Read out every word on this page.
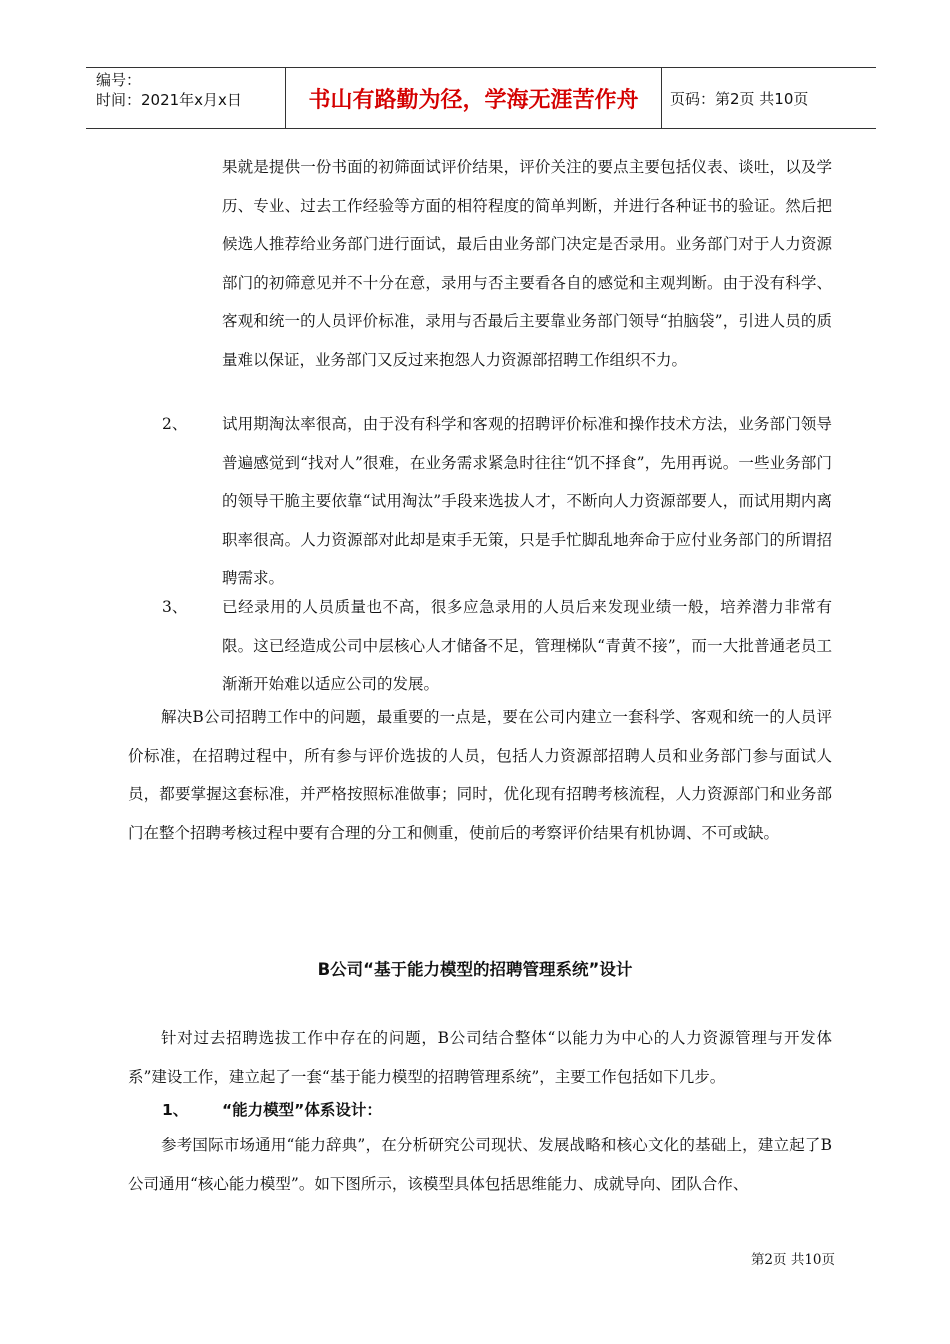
编号：
时间：2021年x月x日	书山有路勤为径，学海无涯苦作舟	页码：第2页 共10页

果就是提供一份书面的初筛面试评价结果，评价关注的要点主要包括仪表、谈吐，以及学历、专业、过去工作经验等方面的相符程度的简单判断，并进行各种证书的验证。然后把候选人推荐给业务部门进行面试，最后由业务部门决定是否录用。业务部门对于人力资源部门的初筛意见并不十分在意，录用与否主要看各自的感觉和主观判断。由于没有科学、客观和统一的人员评价标准，录用与否最后主要靠业务部门领导“拍脑袋”，引进人员的质量难以保证，业务部门又反过来抱怨人力资源部招聘工作组织不力。

2、 试用期淘汰率很高，由于没有科学和客观的招聘评价标准和操作技术方法，业务部门领导普遍感觉到“找对人”很难，在业务需求紧急时往往“饥不择食”，先用再说。一些业务部门的领导干脆主要依靠“试用淘汰”手段来选拔人才，不断向人力资源部要人，而试用期内离职率很高。人力资源部对此却是束手无策，只是手忙脚乱地奔命于应付业务部门的所谓招聘需求。

3、 已经录用的人员质量也不高，很多应急录用的人员后来发现业绩一般，培养潜力非常有限。这已经造成公司中层核心人才储备不足，管理梯队“青黄不接”，而一大批普通老员工渐渐开始难以适应公司的发展。

解决B公司招聘工作中的问题，最重要的一点是，要在公司内建立一套科学、客观和统一的人员评价标准，在招聘过程中，所有参与评价选拔的人员，包括人力资源部招聘人员和业务部门参与面试人员，都要掌握这套标准，并严格按照标准做事；同时，优化现有招聘考核流程，人力资源部门和业务部门在整个招聘考核过程中要有合理的分工和侧重，使前后的考察评价结果有机协调、不可或缺。

B公司“基于能力模型的招聘管理系统”设计

针对过去招聘选拔工作中存在的问题，B公司结合整体“以能力为中心的人力资源管理与开发体系”建设工作，建立起了一套“基于能力模型的招聘管理系统”，主要工作包括如下几步。

1、 “能力模型”体系设计：

参考国际市场通用“能力辞典”，在分析研究公司现状、发展战略和核心文化的基础上，建立起了B公司通用“核心能力模型”。如下图所示，该模型具体包括思维能力、成就导向、团队合作、

第2页 共10页
